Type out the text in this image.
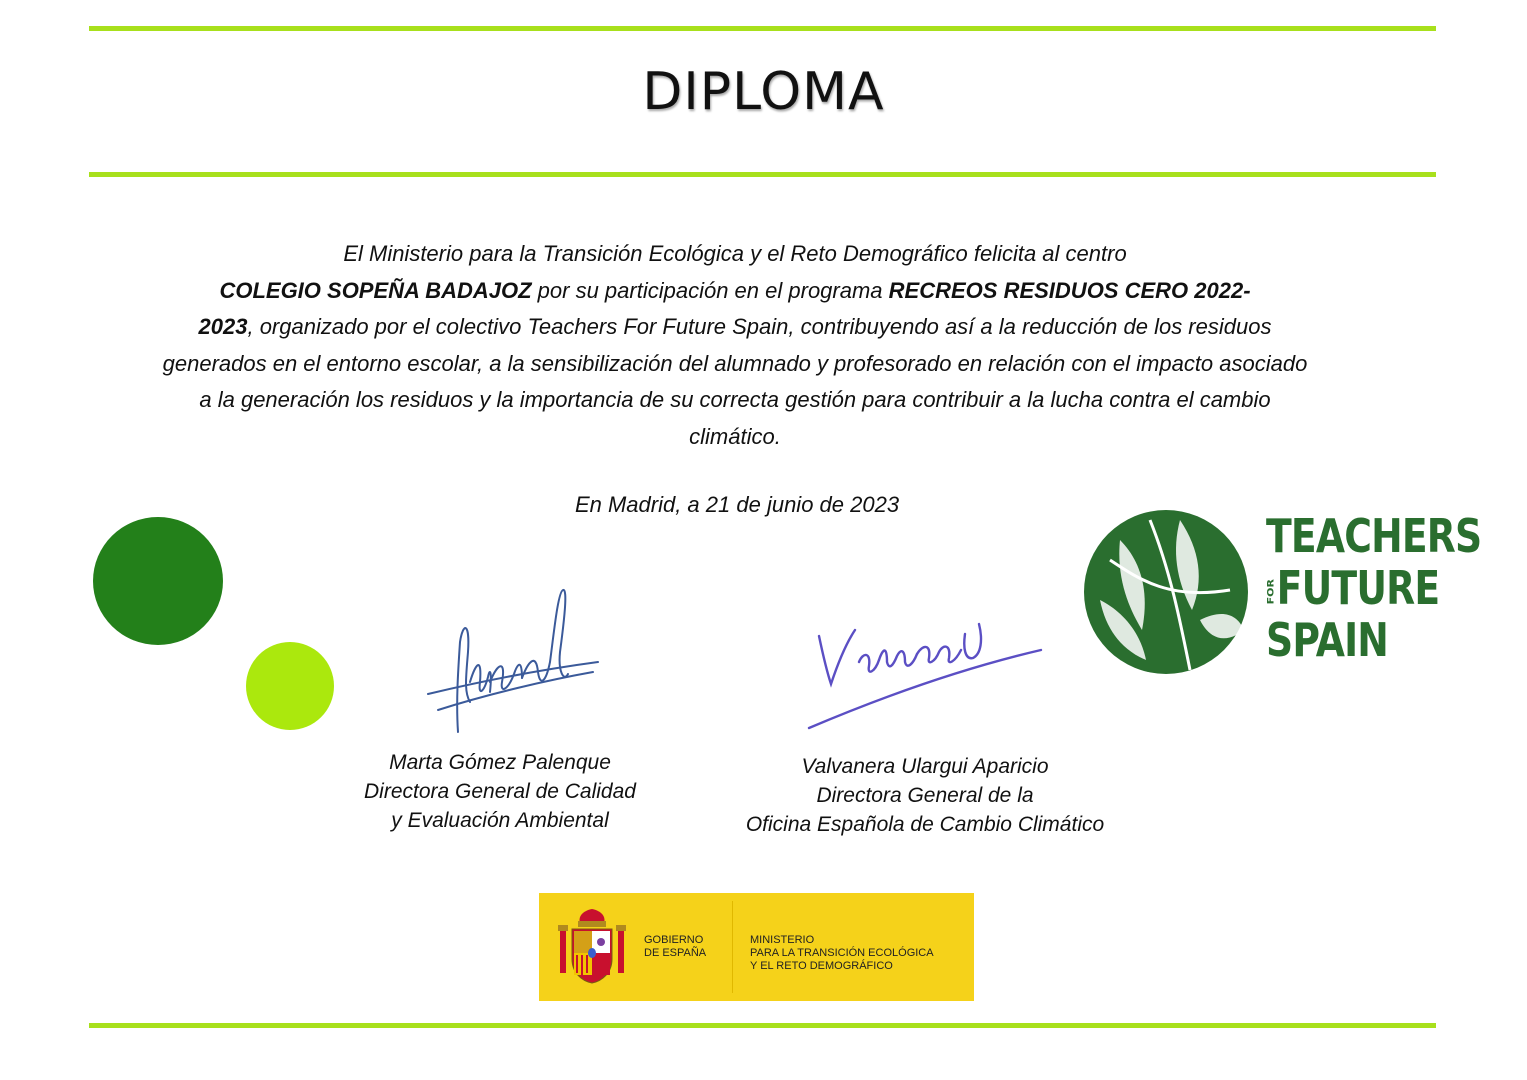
DIPLOMA
El Ministerio para la Transición Ecológica y el Reto Demográfico felicita al centro
COLEGIO SOPEÑA BADAJOZ por su participación en el programa RECREOS RESIDUOS CERO 2022-
2023, organizado por el colectivo Teachers For Future Spain, contribuyendo así a la reducción de los residuos generados en el entorno escolar, a la sensibilización del alumnado y profesorado en relación con el impacto asociado a la generación los residuos y la importancia de su correcta gestión para contribuir a la lucha contra el cambio climático.
En Madrid, a 21 de junio de 2023
Marta Gómez Palenque
Directora General de Calidad
y Evaluación Ambiental
Valvanera Ulargui Aparicio
Directora General de la
Oficina Española de Cambio Climático
TEACHERS
FORFUTURE
SPAIN
GOBIERNO
DE ESPAÑA
MINISTERIO
PARA LA TRANSICIÓN ECOLÓGICA
Y EL RETO DEMOGRÁFICO
